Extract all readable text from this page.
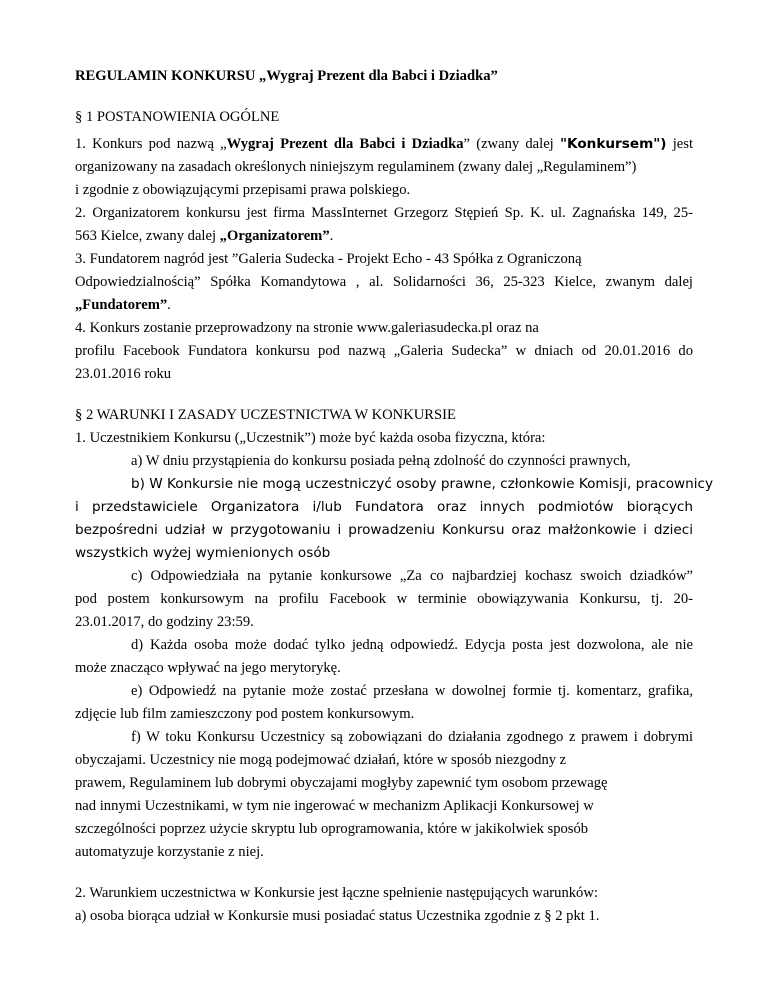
REGULAMIN KONKURSU „Wygraj Prezent dla Babci i Dziadka”
§ 1 POSTANOWIENIA OGÓLNE
1. Konkurs pod nazwą „Wygraj Prezent dla Babci i Dziadka” (zwany dalej "Konkursem") jest
organizowany na zasadach określonych niniejszym regulaminem (zwany dalej „Regulaminem”)
i zgodnie z obowiązującymi przepisami prawa polskiego.
2. Organizatorem konkursu jest firma MassInternet Grzegorz Stępień Sp. K. ul. Zagnańska 149, 25-
563 Kielce, zwany dalej „Organizatorem”.
3. Fundatorem nagród jest ”Galeria Sudecka - Projekt Echo - 43 Spółka z Ograniczoną
Odpowiedzialnością” Spółka Komandytowa , al. Solidarności 36, 25-323 Kielce, zwanym dalej
„Fundatorem”.
4. Konkurs zostanie przeprowadzony na stronie www.galeriasudecka.pl oraz na
profilu Facebook Fundatora konkursu pod nazwą „Galeria Sudecka” w dniach od 20.01.2016 do
23.01.2016 roku
§ 2 WARUNKI I ZASADY UCZESTNICTWA W KONKURSIE
1. Uczestnikiem Konkursu („Uczestnik”) może być każda osoba fizyczna, która:
a) W dniu przystąpienia do konkursu posiada pełną zdolność do czynności prawnych,
b) W Konkursie nie mogą uczestniczyć osoby prawne, członkowie Komisji, pracownicy
i przedstawiciele Organizatora i/lub Fundatora oraz innych podmiotów biorących
bezpośredni udział w przygotowaniu i prowadzeniu Konkursu oraz małżonkowie i dzieci
wszystkich wyżej wymienionych osób
c) Odpowiedziała na pytanie konkursowe „Za co najbardziej kochasz swoich dziadków”
pod postem konkursowym na profilu Facebook w terminie obowiązywania Konkursu, tj. 20-
23.01.2017, do godziny 23:59.
d) Każda osoba może dodać tylko jedną odpowiedź. Edycja posta jest dozwolona, ale nie
może znacząco wpływać na jego merytorykę.
e) Odpowiedź na pytanie może zostać przesłana w dowolnej formie tj. komentarz, grafika,
zdjęcie lub film zamieszczony pod postem konkursowym.
f) W toku Konkursu Uczestnicy są zobowiązani do działania zgodnego z prawem i dobrymi
obyczajami. Uczestnicy nie mogą podejmować działań, które w sposób niezgodny z
prawem, Regulaminem lub dobrymi obyczajami mogłyby zapewnić tym osobom przewagę
nad innymi Uczestnikami, w tym nie ingerować w mechanizm Aplikacji Konkursowej w
szczególności poprzez użycie skryptu lub oprogramowania, które w jakikolwiek sposób
automatyzuje korzystanie z niej.
2. Warunkiem uczestnictwa w Konkursie jest łączne spełnienie następujących warunków:
a) osoba biorąca udział w Konkursie musi posiadać status Uczestnika zgodnie z § 2 pkt 1.
